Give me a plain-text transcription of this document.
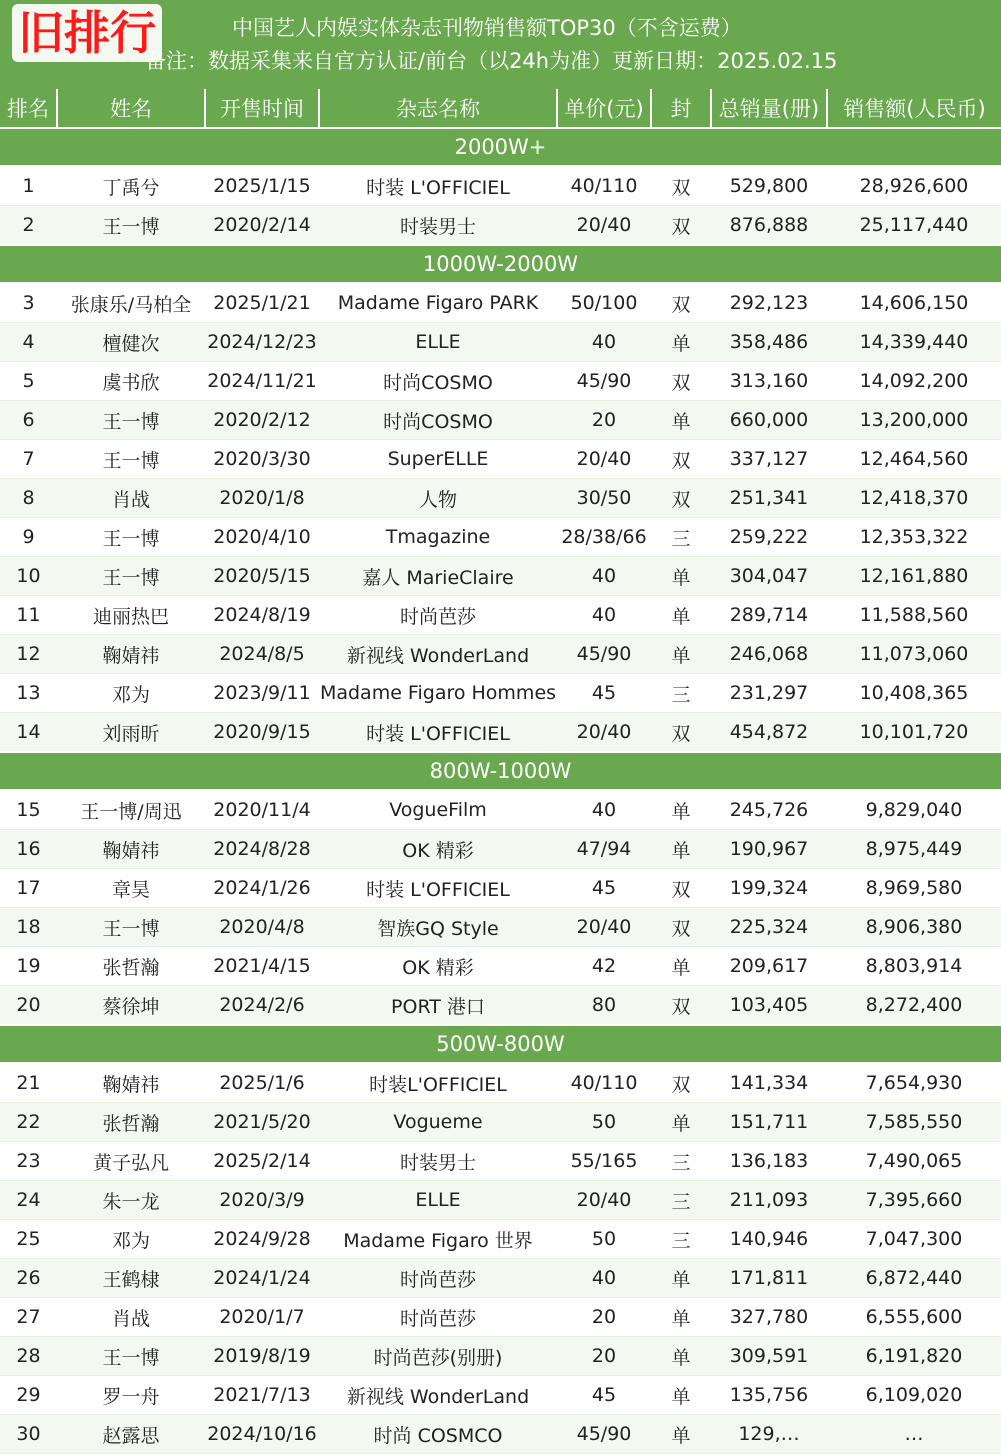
旧排行	中国艺人内娱实体杂志刊物销售额TOP30（不含运费）
备注：数据采集来自官方认证/前台（以24h为准）更新日期：2025.02.15
排名	姓名	开售时间	杂志名称	单价(元)	封	总销量(册)	销售额(人民币)
2000W+							
1	丁禹兮	2025/1/15	时装 L'OFFICIEL	40/110	双	529,800	28,926,600
2	王一博	2020/2/14	时装男士	20/40	双	876,888	25,117,440
1000W-2000W							
3	张康乐/马柏全	2025/1/21	Madame Figaro PARK	50/100	双	292,123	14,606,150
4	檀健次	2024/12/23	ELLE	40	单	358,486	14,339,440
5	虞书欣	2024/11/21	时尚COSMO	45/90	双	313,160	14,092,200
6	王一博	2020/2/12	时尚COSMO	20	单	660,000	13,200,000
7	王一博	2020/3/30	SuperELLE	20/40	双	337,127	12,464,560
8	肖战	2020/1/8	人物	30/50	双	251,341	12,418,370
9	王一博	2020/4/10	Tmagazine	28/38/66	三	259,222	12,353,322
10	王一博	2020/5/15	嘉人 MarieClaire	40	单	304,047	12,161,880
11	迪丽热巴	2024/8/19	时尚芭莎	40	单	289,714	11,588,560
12	鞠婧祎	2024/8/5	新视线 WonderLand	45/90	单	246,068	11,073,060
13	邓为	2023/9/11	Madame Figaro Hommes	45	三	231,297	10,408,365
14	刘雨昕	2020/9/15	时装 L'OFFICIEL	20/40	双	454,872	10,101,720
800W-1000W							
15	王一博/周迅	2020/11/4	VogueFilm	40	单	245,726	9,829,040
16	鞠婧祎	2024/8/28	OK 精彩	47/94	单	190,967	8,975,449
17	章昊	2024/1/26	时装 L'OFFICIEL	45	双	199,324	8,969,580
18	王一博	2020/4/8	智族GQ Style	20/40	双	225,324	8,906,380
19	张哲瀚	2021/4/15	OK 精彩	42	单	209,617	8,803,914
20	蔡徐坤	2024/2/6	PORT 港口	80	双	103,405	8,272,400
500W-800W							
21	鞠婧祎	2025/1/6	时装L'OFFICIEL	40/110	双	141,334	7,654,930
22	张哲瀚	2021/5/20	Vogueme	50	单	151,711	7,585,550
23	黄子弘凡	2025/2/14	时装男士	55/165	三	136,183	7,490,065
24	朱一龙	2020/3/9	ELLE	20/40	三	211,093	7,395,660
25	邓为	2024/9/28	Madame Figaro 世界	50	三	140,946	7,047,300
26	王鹤棣	2024/1/24	时尚芭莎	40	单	171,811	6,872,440
27	肖战	2020/1/7	时尚芭莎	20	单	327,780	6,555,600
28	王一博	2019/8/19	时尚芭莎(别册)	20	单	309,591	6,191,820
29	罗一舟	2021/7/13	新视线 WonderLand	45	单	135,756	6,109,020
30	赵露思	2024/10/16	时尚 COSMCO	45/90	单	129,…	…
